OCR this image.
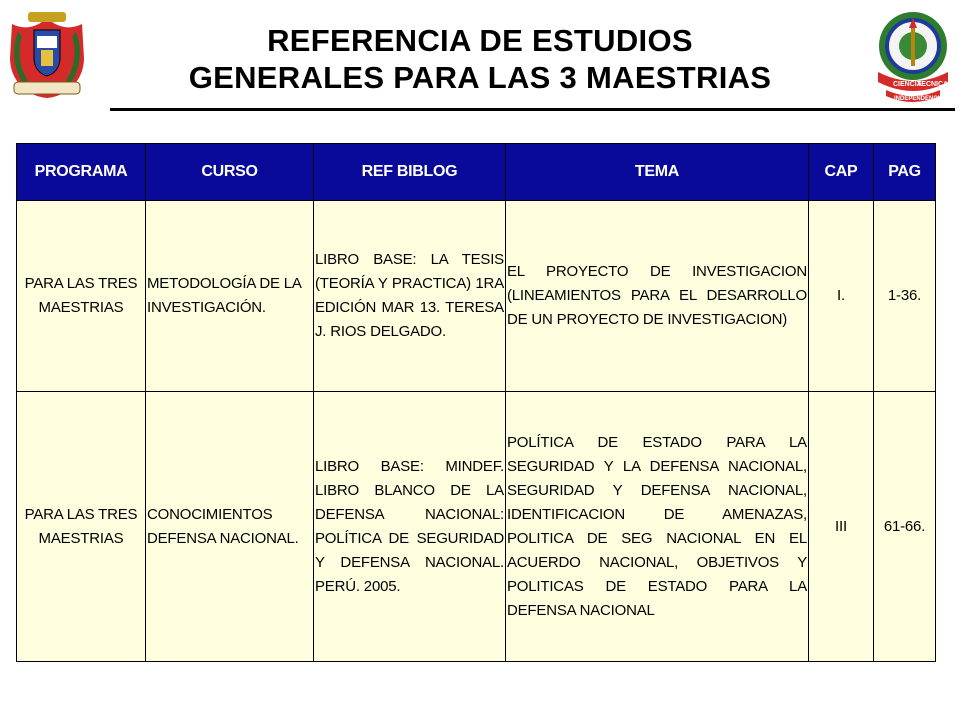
CIENCIA
TECNICA
INDEPENDENCIA
REFERENCIA DE ESTUDIOS
GENERALES PARA LAS 3 MAESTRIAS
PROGRAMA	CURSO	REF BIBLOG	TEMA	CAP	PAG
PARA LAS TRES MAESTRIAS	METODOLOGÍA DE LA INVESTIGACIÓN.	LIBRO BASE: LA TESIS (TEORÍA Y PRACTICA) 1RA EDICIÓN MAR 13. TERESA J. RIOS DELGADO.	EL PROYECTO DE INVESTIGACION (LINEAMIENTOS PARA EL DESARROLLO DE UN PROYECTO DE INVESTIGACION)	I.	1-36.
PARA LAS TRES MAESTRIAS	CONOCIMIENTOS DEFENSA NACIONAL.	LIBRO BASE: MINDEF. LIBRO BLANCO DE LA DEFENSA NACIONAL: POLÍTICA DE SEGURIDAD Y DEFENSA NACIONAL. PERÚ. 2005.	POLÍTICA DE ESTADO PARA LA SEGURIDAD Y LA DEFENSA NACIONAL, SEGURIDAD Y DEFENSA NACIONAL, IDENTIFICACION DE AMENAZAS, POLITICA DE SEG NACIONAL EN EL ACUERDO NACIONAL, OBJETIVOS Y POLITICAS DE ESTADO PARA LA DEFENSA NACIONAL	III	61-66.
